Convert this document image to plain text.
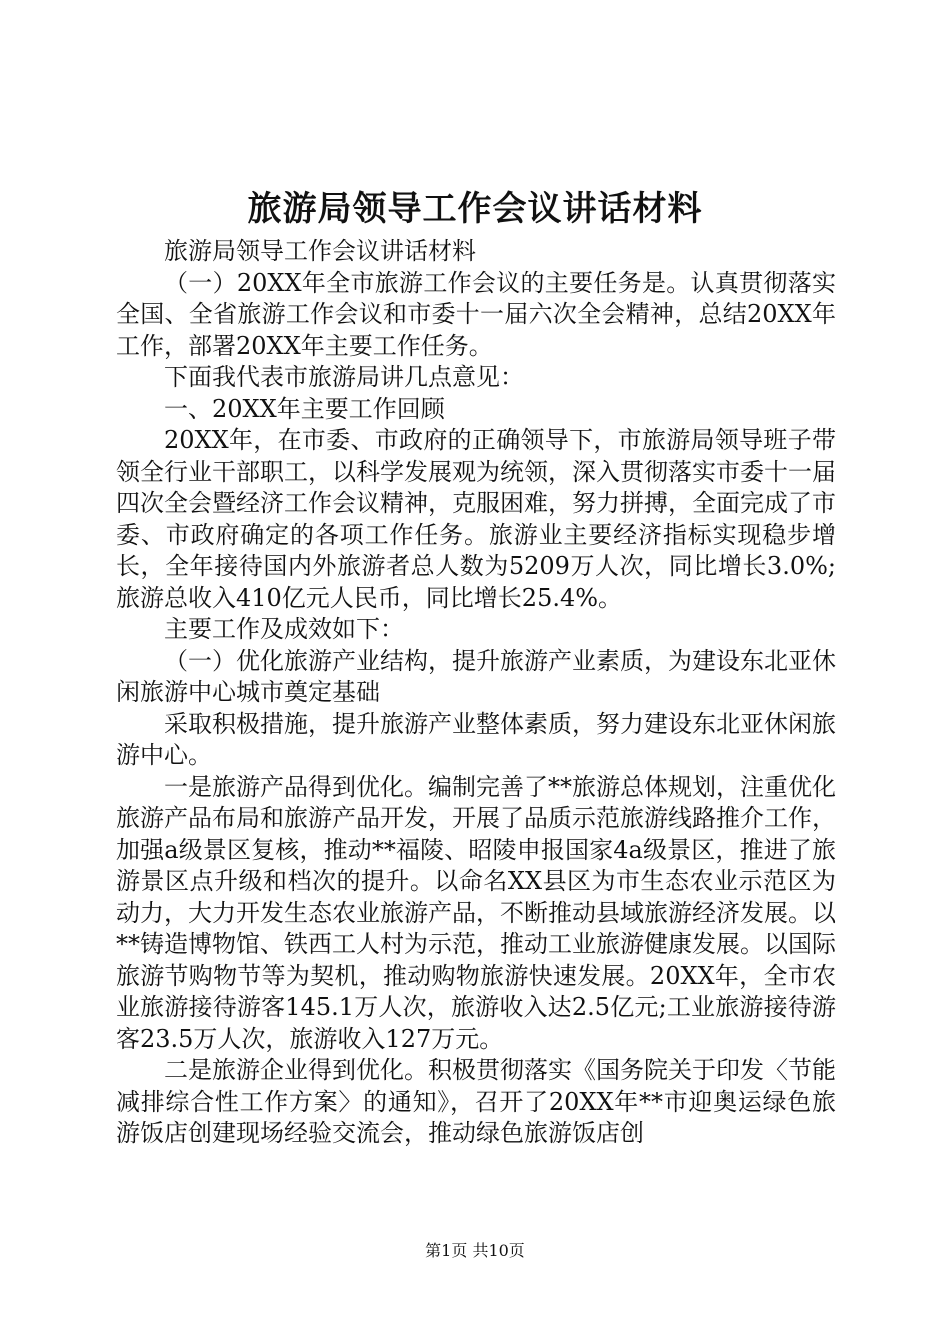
旅游局领导工作会议讲话材料

旅游局领导工作会议讲话材料

（一）20XX年全市旅游工作会议的主要任务是。认真贯彻落实全国、全省旅游工作会议和市委十一届六次全会精神，总结20XX年工作，部署20XX年主要工作任务。

下面我代表市旅游局讲几点意见：

一、20XX年主要工作回顾

20XX年，在市委、市政府的正确领导下，市旅游局领导班子带领全行业干部职工，以科学发展观为统领，深入贯彻落实市委十一届四次全会暨经济工作会议精神，克服困难，努力拼搏，全面完成了市委、市政府确定的各项工作任务。旅游业主要经济指标实现稳步增长，全年接待国内外旅游者总人数为5209万人次，同比增长3.0%;旅游总收入410亿元人民币，同比增长25.4%。

主要工作及成效如下：

（一）优化旅游产业结构，提升旅游产业素质，为建设东北亚休闲旅游中心城市奠定基础

采取积极措施，提升旅游产业整体素质，努力建设东北亚休闲旅游中心。

一是旅游产品得到优化。编制完善了**旅游总体规划，注重优化旅游产品布局和旅游产品开发，开展了品质示范旅游线路推介工作，加强a级景区复核，推动**福陵、昭陵申报国家4a级景区，推进了旅游景区点升级和档次的提升。以命名XX县区为市生态农业示范区为动力，大力开发生态农业旅游产品，不断推动县域旅游经济发展。以**铸造博物馆、铁西工人村为示范，推动工业旅游健康发展。以国际旅游节购物节等为契机，推动购物旅游快速发展。20XX年，全市农业旅游接待游客145.1万人次，旅游收入达2.5亿元;工业旅游接待游客23.5万人次，旅游收入127万元。

二是旅游企业得到优化。积极贯彻落实《国务院关于印发〈节能减排综合性工作方案〉的通知》，召开了20XX年**市迎奥运绿色旅游饭店创建现场经验交流会，推动绿色旅游饭店创

第1页 共10页
